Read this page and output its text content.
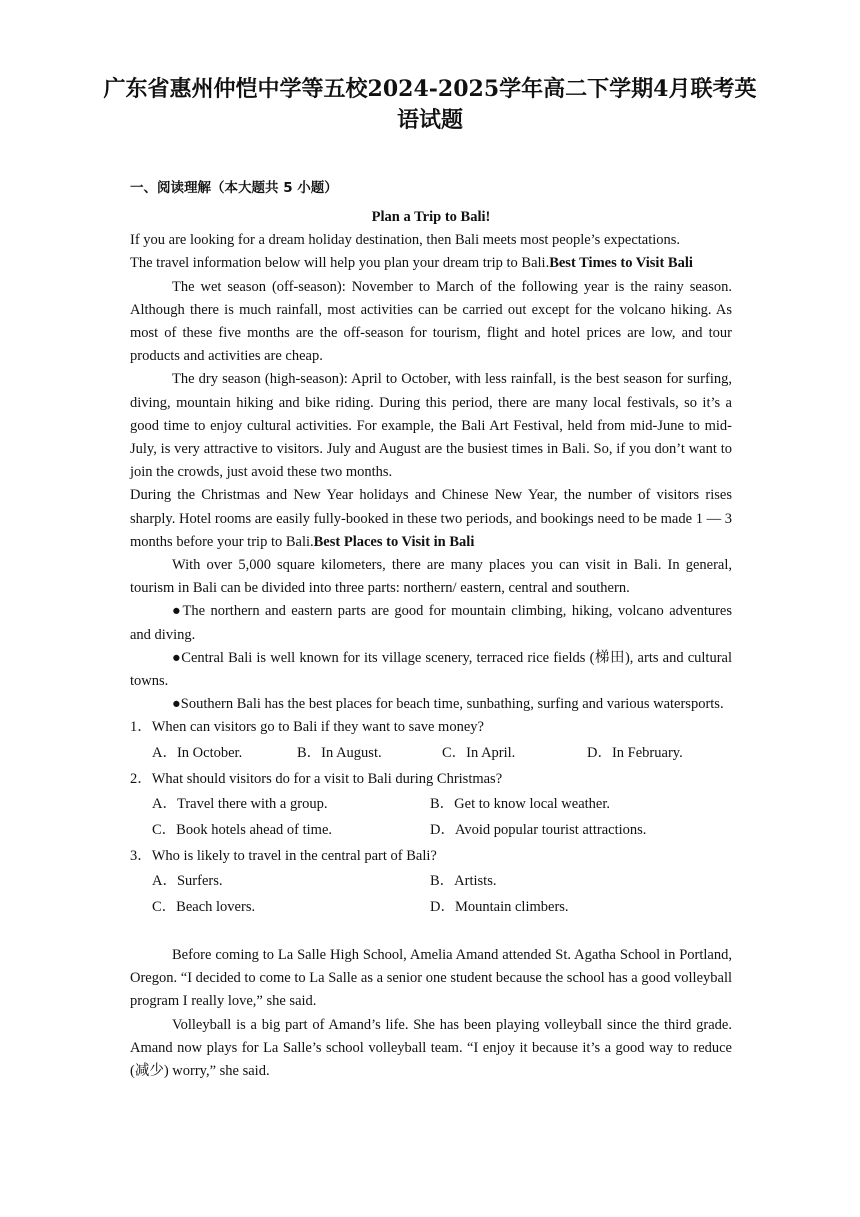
广东省惠州仲恺中学等五校2024-2025学年高二下学期4月联考英语试题
一、阅读理解（本大题共 5 小题）
Plan a Trip to Bali!

If you are looking for a dream holiday destination, then Bali meets most people’s expectations.

The travel information below will help you plan your dream trip to Bali.Best Times to Visit Bali

The wet season (off-season): November to March of the following year is the rainy season. Although there is much rainfall, most activities can be carried out except for the volcano hiking. As most of these five months are the off-season for tourism, flight and hotel prices are low, and tour products and activities are cheap.

The dry season (high-season): April to October, with less rainfall, is the best season for surfing, diving, mountain hiking and bike riding. During this period, there are many local festivals, so it’s a good time to enjoy cultural activities. For example, the Bali Art Festival, held from mid-June to mid-July, is very attractive to visitors. July and August are the busiest times in Bali. So, if you don’t want to join the crowds, just avoid these two months.

During the Christmas and New Year holidays and Chinese New Year, the number of visitors rises sharply. Hotel rooms are easily fully-booked in these two periods, and bookings need to be made 1 — 3 months before your trip to Bali.Best Places to Visit in Bali

With over 5,000 square kilometers, there are many places you can visit in Bali. In general, tourism in Bali can be divided into three parts: northern/ eastern, central and southern.

●The northern and eastern parts are good for mountain climbing, hiking, volcano adventures and diving.

●Central Bali is well known for its village scenery, terraced rice fields (梯田), arts and cultural towns.

●Southern Bali has the best places for beach time, sunbathing, surfing and various watersports.

1．When can visitors go to Bali if they want to save money?

A．In October.	B．In August.	C．In April.	D．In February.

2．What should visitors do for a visit to Bali during Christmas?

A．Travel there with a group.	B．Get to know local weather.
C．Book hotels ahead of time.	D．Avoid popular tourist attractions.

3．Who is likely to travel in the central part of Bali?

A．Surfers.	B．Artists.
C．Beach lovers.	D．Mountain climbers.

Before coming to La Salle High School, Amelia Amand attended St. Agatha School in Portland, Oregon. “I decided to come to La Salle as a senior one student because the school has a good volleyball program I really love,” she said.

Volleyball is a big part of Amand’s life. She has been playing volleyball since the third grade. Amand now plays for La Salle’s school volleyball team. “I enjoy it because it’s a good way to reduce (减少) worry,” she said.
